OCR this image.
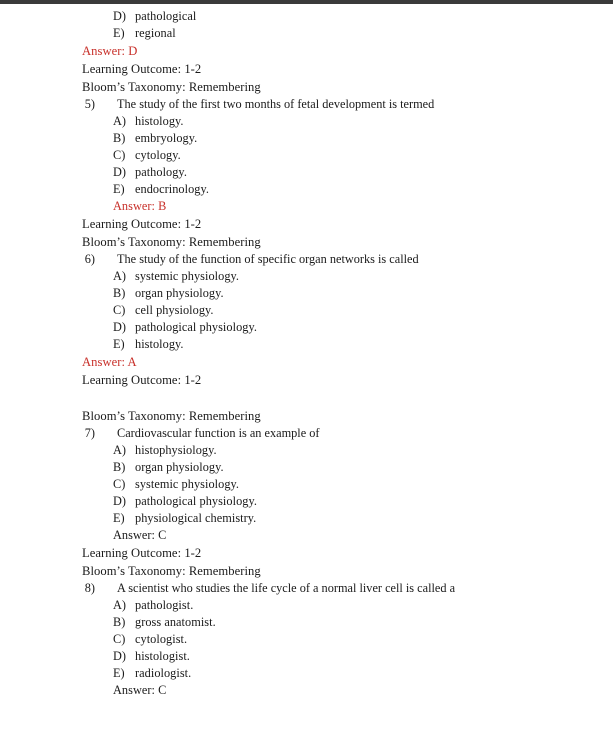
D) pathological
E) regional
Answer: D
Learning Outcome: 1-2
Bloom’s Taxonomy: Remembering
5) The study of the first two months of fetal development is termed
A) histology.
B) embryology.
C) cytology.
D) pathology.
E) endocrinology.
Answer: B
Learning Outcome: 1-2
Bloom’s Taxonomy: Remembering
6) The study of the function of specific organ networks is called
A) systemic physiology.
B) organ physiology.
C) cell physiology.
D) pathological physiology.
E) histology.
Answer: A
Learning Outcome: 1-2
Bloom’s Taxonomy: Remembering
7) Cardiovascular function is an example of
A) histophysiology.
B) organ physiology.
C) systemic physiology.
D) pathological physiology.
E) physiological chemistry.
Answer: C
Learning Outcome: 1-2
Bloom’s Taxonomy: Remembering
8) A scientist who studies the life cycle of a normal liver cell is called a
A) pathologist.
B) gross anatomist.
C) cytologist.
D) histologist.
E) radiologist.
Answer: C
